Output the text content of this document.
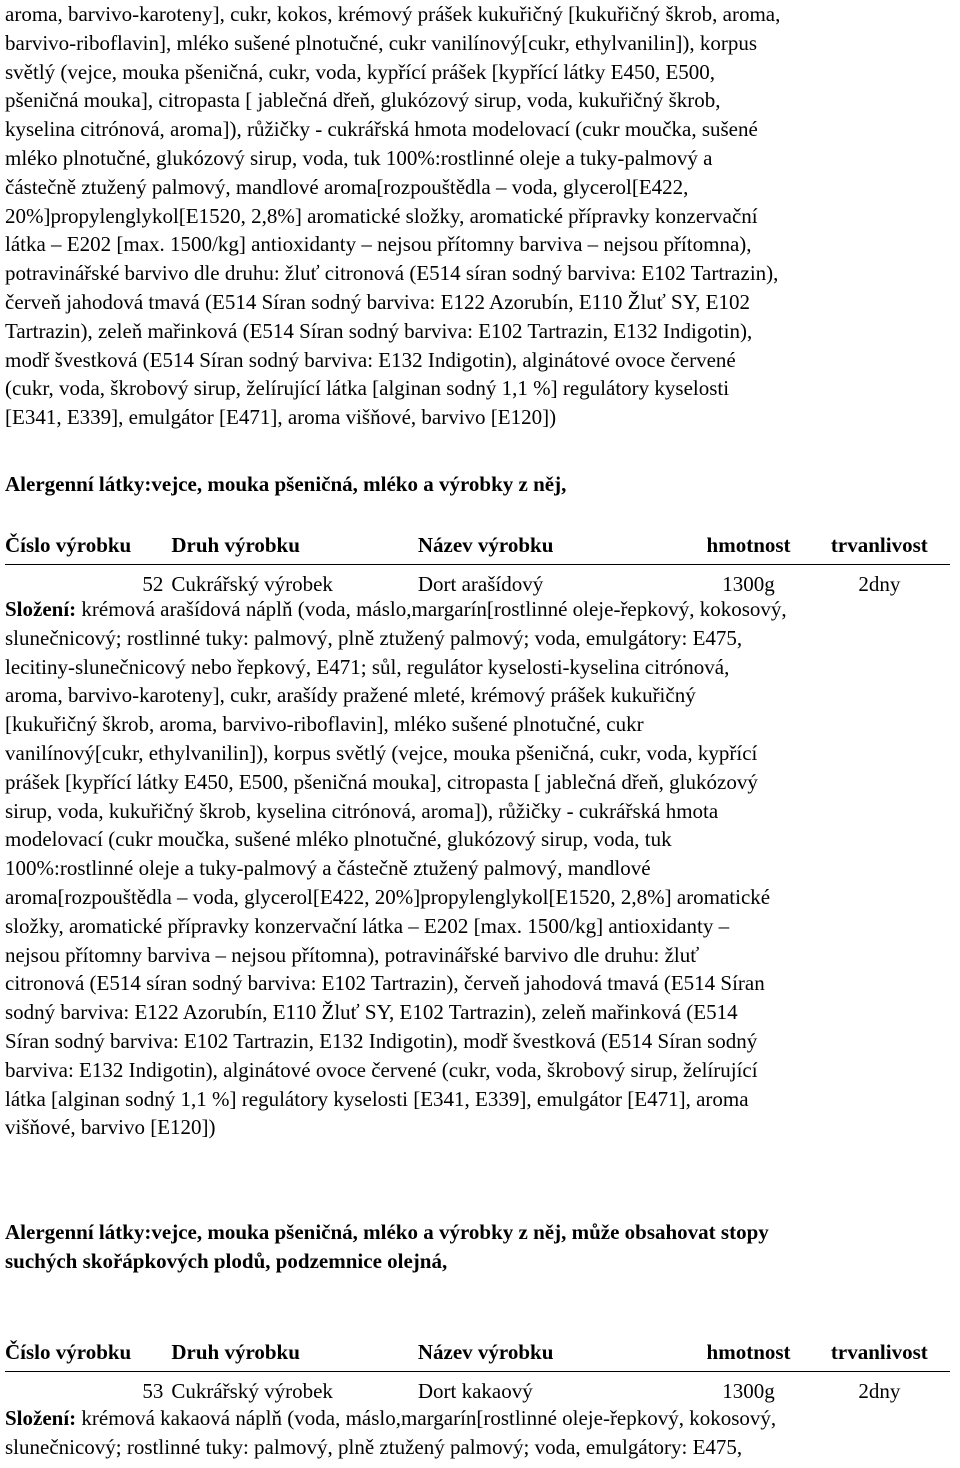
aroma, barvivo-karoteny], cukr, kokos, krémový prášek kukuřičný [kukuřičný škrob, aroma,
barvivo-riboflavin], mléko sušené plnotučné, cukr vanilínový[cukr, ethylvanilin]), korpus
světlý (vejce, mouka pšeničná, cukr, voda, kypřící prášek [kypřící látky E450, E500,
pšeničná mouka], citropasta [ jablečná dřeň, glukózový sirup, voda, kukuřičný škrob,
kyselina citrónová, aroma]), růžičky - cukrářská hmota modelovací (cukr moučka, sušené
mléko plnotučné, glukózový sirup, voda, tuk 100%:rostlinné oleje a tuky-palmový a
částečně ztužený palmový, mandlové aroma[rozpouštědla – voda, glycerol[E422,
20%]propylenglykol[E1520, 2,8%] aromatické složky, aromatické přípravky konzervační
látka – E202 [max. 1500/kg] antioxidanty – nejsou přítomny barviva – nejsou přítomna),
potravinářské barvivo dle druhu: žluť citronová (E514 síran sodný barviva: E102 Tartrazin),
červeň jahodová tmavá (E514 Síran sodný barviva: E122 Azorubín, E110 Žluť SY, E102
Tartrazin), zeleň mařinková (E514 Síran sodný barviva: E102 Tartrazin, E132 Indigotin),
modř švestková (E514 Síran sodný barviva: E132 Indigotin), alginátové ovoce červené
(cukr, voda, škrobový sirup, želírující látka [alginan sodný 1,1 %] regulátory kyselosti
[E341, E339], emulgátor [E471], aroma višňové, barvivo [E120])

Alergenní látky:vejce, mouka pšeničná, mléko a výrobky z něj,

Číslo výrobku	Druh výrobku	Název výrobku	hmotnost	trvanlivost
52	Cukrářský výrobek	Dort arašídový	1300g	2dny

Složení: krémová arašídová náplň (voda, máslo,margarín[rostlinné oleje-řepkový, kokosový,
slunečnicový; rostlinné tuky: palmový, plně ztužený palmový; voda, emulgátory: E475,
lecitiny-slunečnicový nebo řepkový, E471; sůl, regulátor kyselosti-kyselina citrónová,
aroma, barvivo-karoteny], cukr, arašídy pražené mleté, krémový prášek kukuřičný
[kukuřičný škrob, aroma, barvivo-riboflavin], mléko sušené plnotučné, cukr
vanilínový[cukr, ethylvanilin]), korpus světlý (vejce, mouka pšeničná, cukr, voda, kypřící
prášek [kypřící látky E450, E500, pšeničná mouka], citropasta [ jablečná dřeň, glukózový
sirup, voda, kukuřičný škrob, kyselina citrónová, aroma]), růžičky - cukrářská hmota
modelovací (cukr moučka, sušené mléko plnotučné, glukózový sirup, voda, tuk
100%:rostlinné oleje a tuky-palmový a částečně ztužený palmový, mandlové
aroma[rozpouštědla – voda, glycerol[E422, 20%]propylenglykol[E1520, 2,8%] aromatické
složky, aromatické přípravky konzervační látka – E202 [max. 1500/kg] antioxidanty –
nejsou přítomny barviva – nejsou přítomna), potravinářské barvivo dle druhu: žluť
citronová (E514 síran sodný barviva: E102 Tartrazin), červeň jahodová tmavá (E514 Síran
sodný barviva: E122 Azorubín, E110 Žluť SY, E102 Tartrazin), zeleň mařinková (E514
Síran sodný barviva: E102 Tartrazin, E132 Indigotin), modř švestková (E514 Síran sodný
barviva: E132 Indigotin), alginátové ovoce červené (cukr, voda, škrobový sirup, želírující
látka [alginan sodný 1,1 %] regulátory kyselosti [E341, E339], emulgátor [E471], aroma
višňové, barvivo [E120])

Alergenní látky:vejce, mouka pšeničná, mléko a výrobky z něj, může obsahovat stopy
suchých skořápkových plodů, podzemnice olejná,

Číslo výrobku	Druh výrobku	Název výrobku	hmotnost	trvanlivost
53	Cukrářský výrobek	Dort kakaový	1300g	2dny

Složení: krémová kakaová náplň (voda, máslo,margarín[rostlinné oleje-řepkový, kokosový,
slunečnicový; rostlinné tuky: palmový, plně ztužený palmový; voda, emulgátory: E475,
